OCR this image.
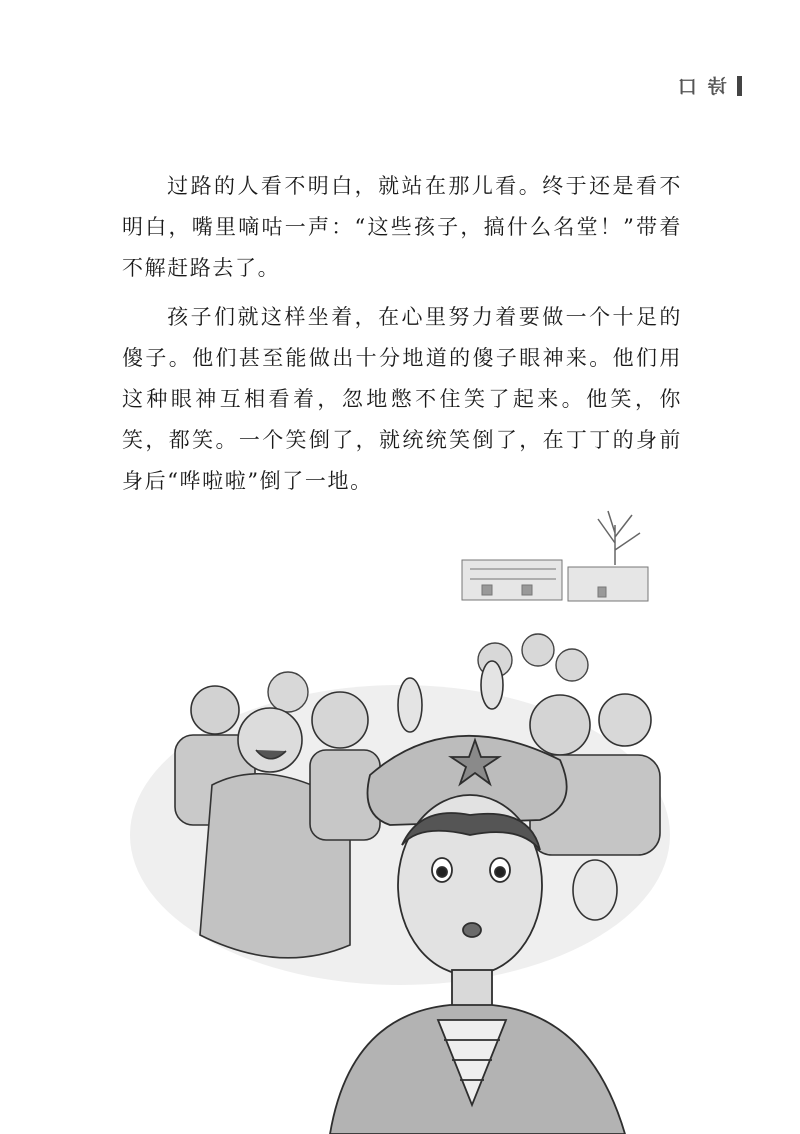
诗 口

过路的人看不明白，就站在那儿看。终于还是看不明白，嘴里嘀咕一声：“这些孩子，搞什么名堂！”带着不解赶路去了。

孩子们就这样坐着，在心里努力着要做一个十足的傻子。他们甚至能做出十分地道的傻子眼神来。他们用这种眼神互相看着，忽地憋不住笑了起来。他笑，你笑，都笑。一个笑倒了，就统统笑倒了，在丁丁的身前身后“哗啦啦”倒了一地。
